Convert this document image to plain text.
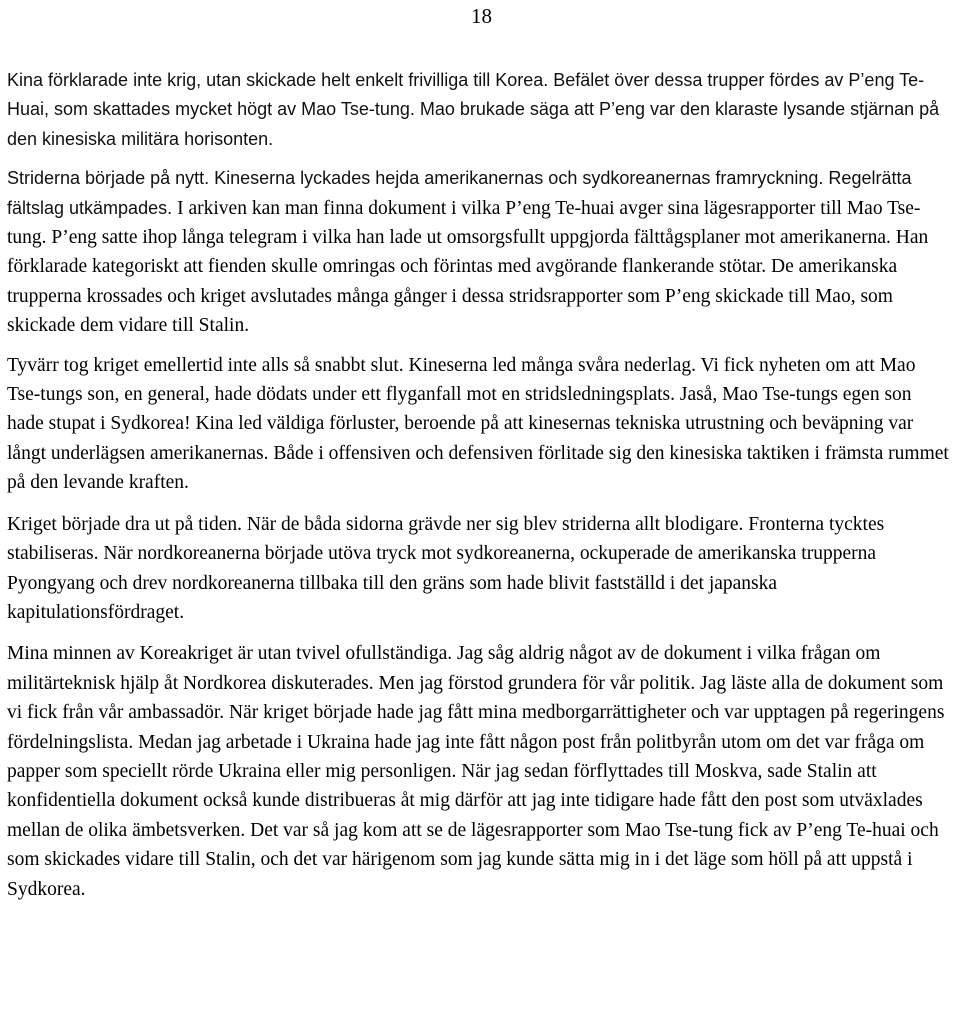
18

Kina förklarade inte krig, utan skickade helt enkelt frivilliga till Korea. Befälet över dessa trupper fördes av P’eng Te-Huai, som skattades mycket högt av Mao Tse-tung. Mao brukade säga att P’eng var den klaraste lysande stjärnan på den kinesiska militära horisonten.

Striderna började på nytt. Kineserna lyckades hejda amerikanernas och sydkoreanernas framryckning. Regelrätta fältslag utkämpades. I arkiven kan man finna dokument i vilka P’eng Te-huai avger sina lägesrapporter till Mao Tse-tung. P’eng satte ihop långa telegram i vilka han lade ut omsorgsfullt uppgjorda fälttågsplaner mot amerikanerna. Han förklarade kategoriskt att fienden skulle omringas och förintas med avgörande flankerande stötar. De amerikanska trupperna krossades och kriget avslutades många gånger i dessa stridsrapporter som P’eng skickade till Mao, som skickade dem vidare till Stalin.

Tyvärr tog kriget emellertid inte alls så snabbt slut. Kineserna led många svåra nederlag. Vi fick nyheten om att Mao Tse-tungs son, en general, hade dödats under ett flyganfall mot en stridsledningsplats. Jaså, Mao Tse-tungs egen son hade stupat i Sydkorea! Kina led väldiga förluster, beroende på att kinesernas tekniska utrustning och beväpning var långt underlägsen amerikanernas. Både i offensiven och defensiven förlitade sig den kinesiska taktiken i främsta rummet på den levande kraften.

Kriget började dra ut på tiden. När de båda sidorna grävde ner sig blev striderna allt blodigare. Fronterna tycktes stabiliseras. När nordkoreanerna började utöva tryck mot sydkoreanerna, ockuperade de amerikanska trupperna Pyongyang och drev nordkoreanerna tillbaka till den gräns som hade blivit fastställd i det japanska kapitulationsfördraget.

Mina minnen av Koreakriget är utan tvivel ofullständiga. Jag såg aldrig något av de dokument i vilka frågan om militärteknisk hjälp åt Nordkorea diskuterades. Men jag förstod grundera för vår politik. Jag läste alla de dokument som vi fick från vår ambassadör. När kriget började hade jag fått mina medborgarrättigheter och var upptagen på regeringens fördelningslista. Medan jag arbetade i Ukraina hade jag inte fått någon post från politbyrån utom om det var fråga om papper som speciellt rörde Ukraina eller mig personligen. När jag sedan förflyttades till Moskva, sade Stalin att konfidentiella dokument också kunde distribueras åt mig därför att jag inte tidigare hade fått den post som utväxlades mellan de olika ämbetsverken. Det var så jag kom att se de lägesrapporter som Mao Tse-tung fick av P’eng Te-huai och som skickades vidare till Stalin, och det var härigenom som jag kunde sätta mig in i det läge som höll på att uppstå i Sydkorea.
